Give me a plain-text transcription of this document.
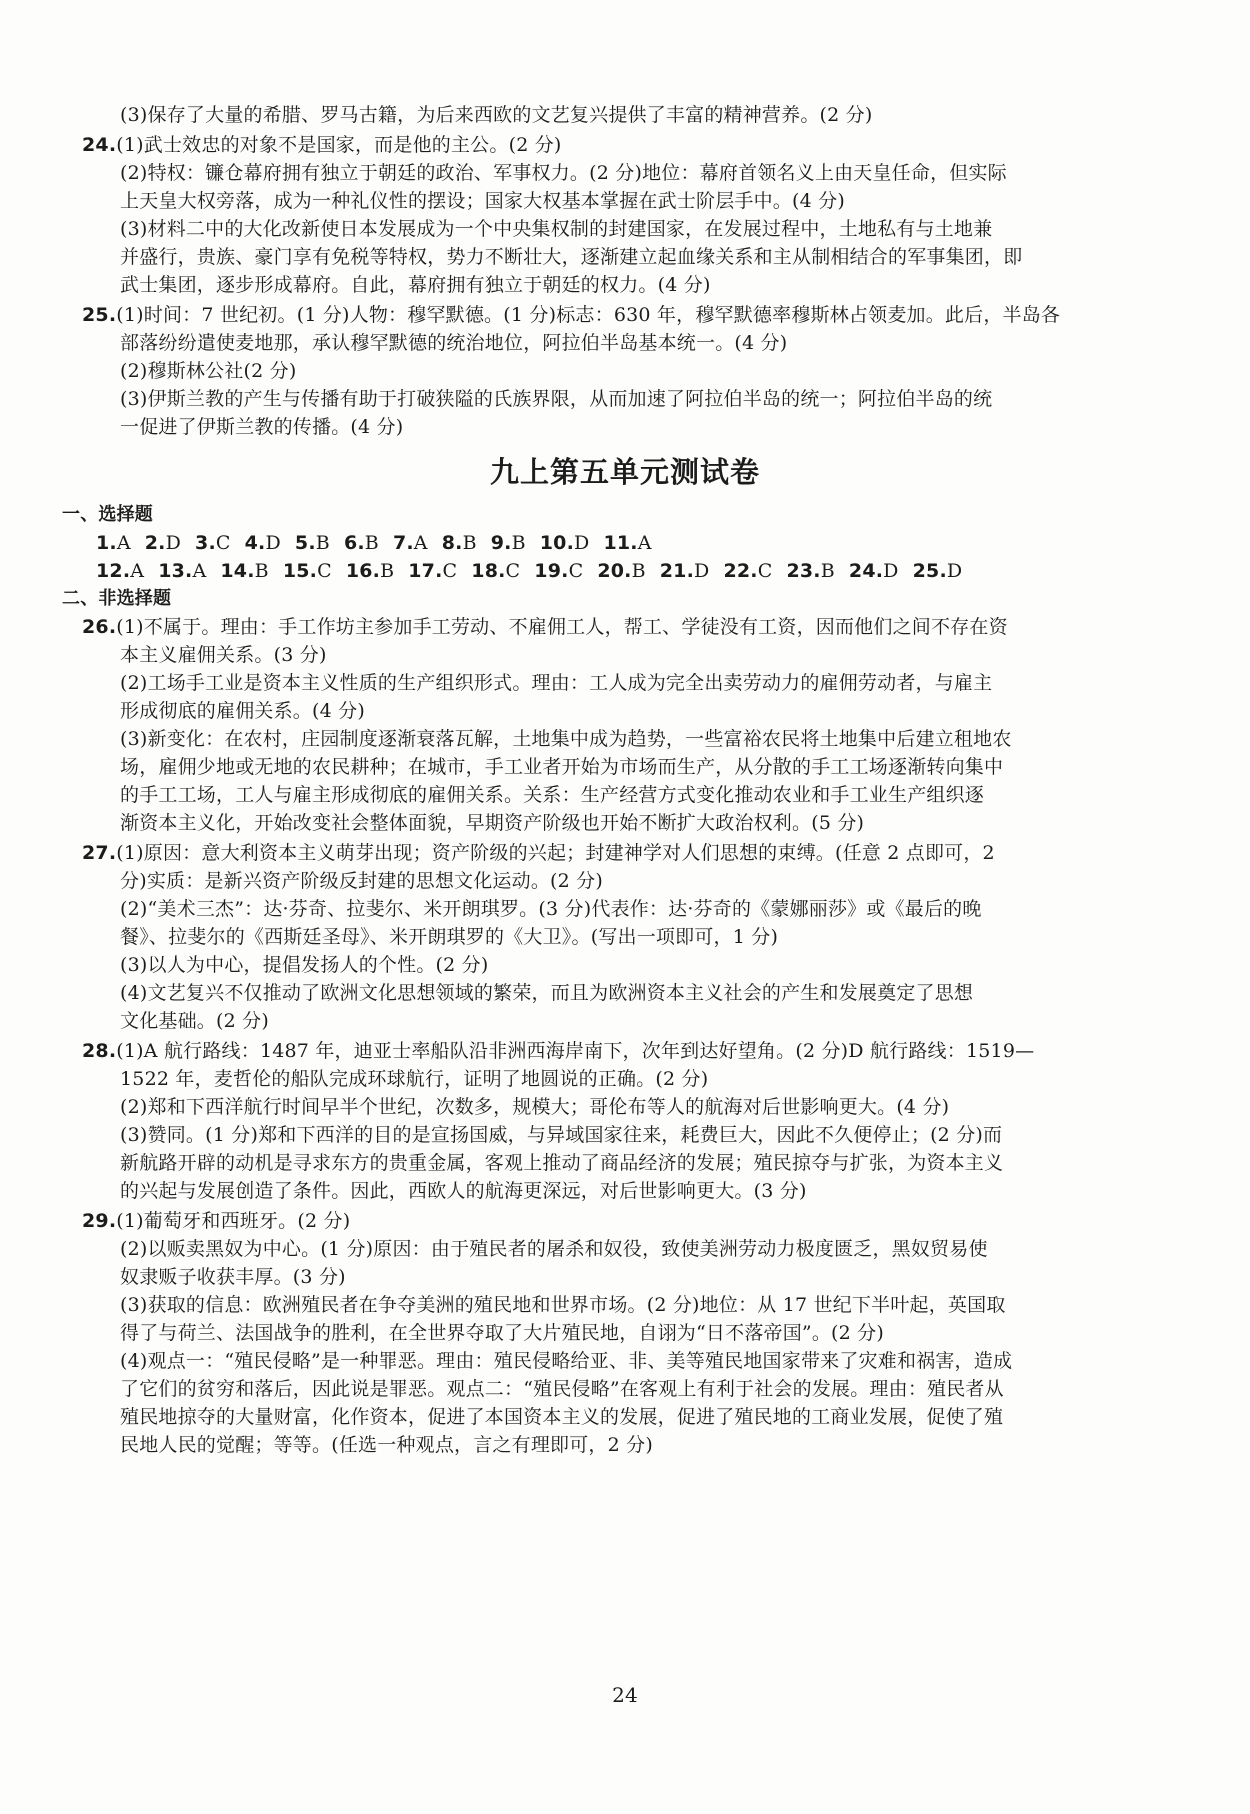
(3)保存了大量的希腊、罗马古籍，为后来西欧的文艺复兴提供了丰富的精神营养。(2 分)
24.(1)武士效忠的对象不是国家，而是他的主公。(2 分)
(2)特权：镰仓幕府拥有独立于朝廷的政治、军事权力。(2 分)地位：幕府首领名义上由天皇任命，但实际
上天皇大权旁落，成为一种礼仪性的摆设；国家大权基本掌握在武士阶层手中。(4 分)
(3)材料二中的大化改新使日本发展成为一个中央集权制的封建国家，在发展过程中，土地私有与土地兼
并盛行，贵族、豪门享有免税等特权，势力不断壮大，逐渐建立起血缘关系和主从制相结合的军事集团，即
武士集团，逐步形成幕府。自此，幕府拥有独立于朝廷的权力。(4 分)
25.(1)时间：7 世纪初。(1 分)人物：穆罕默德。(1 分)标志：630 年，穆罕默德率穆斯林占领麦加。此后，半岛各
部落纷纷遣使麦地那，承认穆罕默德的统治地位，阿拉伯半岛基本统一。(4 分)
(2)穆斯林公社(2 分)
(3)伊斯兰教的产生与传播有助于打破狭隘的氏族界限，从而加速了阿拉伯半岛的统一；阿拉伯半岛的统
一促进了伊斯兰教的传播。(4 分)
九上第五单元测试卷
一、选择题
1.A 2.D 3.C 4.D 5.B 6.B 7.A 8.B 9.B 10.D 11.A
12.A 13.A 14.B 15.C 16.B 17.C 18.C 19.C 20.B 21.D 22.C 23.B 24.D 25.D
二、非选择题
26.(1)不属于。理由：手工作坊主参加手工劳动、不雇佣工人，帮工、学徒没有工资，因而他们之间不存在资
本主义雇佣关系。(3 分)
(2)工场手工业是资本主义性质的生产组织形式。理由：工人成为完全出卖劳动力的雇佣劳动者，与雇主
形成彻底的雇佣关系。(4 分)
(3)新变化：在农村，庄园制度逐渐衰落瓦解，土地集中成为趋势，一些富裕农民将土地集中后建立租地农
场，雇佣少地或无地的农民耕种；在城市，手工业者开始为市场而生产，从分散的手工工场逐渐转向集中
的手工工场，工人与雇主形成彻底的雇佣关系。关系：生产经营方式变化推动农业和手工业生产组织逐
渐资本主义化，开始改变社会整体面貌，早期资产阶级也开始不断扩大政治权利。(5 分)
27.(1)原因：意大利资本主义萌芽出现；资产阶级的兴起；封建神学对人们思想的束缚。(任意 2 点即可，2
分)实质：是新兴资产阶级反封建的思想文化运动。(2 分)
(2)“美术三杰”：达·芬奇、拉斐尔、米开朗琪罗。(3 分)代表作：达·芬奇的《蒙娜丽莎》或《最后的晚
餐》、拉斐尔的《西斯廷圣母》、米开朗琪罗的《大卫》。(写出一项即可，1 分)
(3)以人为中心，提倡发扬人的个性。(2 分)
(4)文艺复兴不仅推动了欧洲文化思想领域的繁荣，而且为欧洲资本主义社会的产生和发展奠定了思想
文化基础。(2 分)
28.(1)A 航行路线：1487 年，迪亚士率船队沿非洲西海岸南下，次年到达好望角。(2 分)D 航行路线：1519—
1522 年，麦哲伦的船队完成环球航行，证明了地圆说的正确。(2 分)
(2)郑和下西洋航行时间早半个世纪，次数多，规模大；哥伦布等人的航海对后世影响更大。(4 分)
(3)赞同。(1 分)郑和下西洋的目的是宣扬国威，与异域国家往来，耗费巨大，因此不久便停止；(2 分)而
新航路开辟的动机是寻求东方的贵重金属，客观上推动了商品经济的发展；殖民掠夺与扩张，为资本主义
的兴起与发展创造了条件。因此，西欧人的航海更深远，对后世影响更大。(3 分)
29.(1)葡萄牙和西班牙。(2 分)
(2)以贩卖黑奴为中心。(1 分)原因：由于殖民者的屠杀和奴役，致使美洲劳动力极度匮乏，黑奴贸易使
奴隶贩子收获丰厚。(3 分)
(3)获取的信息：欧洲殖民者在争夺美洲的殖民地和世界市场。(2 分)地位：从 17 世纪下半叶起，英国取
得了与荷兰、法国战争的胜利，在全世界夺取了大片殖民地，自诩为“日不落帝国”。(2 分)
(4)观点一：“殖民侵略”是一种罪恶。理由：殖民侵略给亚、非、美等殖民地国家带来了灾难和祸害，造成
了它们的贫穷和落后，因此说是罪恶。观点二：“殖民侵略”在客观上有利于社会的发展。理由：殖民者从
殖民地掠夺的大量财富，化作资本，促进了本国资本主义的发展，促进了殖民地的工商业发展，促使了殖
民地人民的觉醒；等等。(任选一种观点，言之有理即可，2 分)
24
